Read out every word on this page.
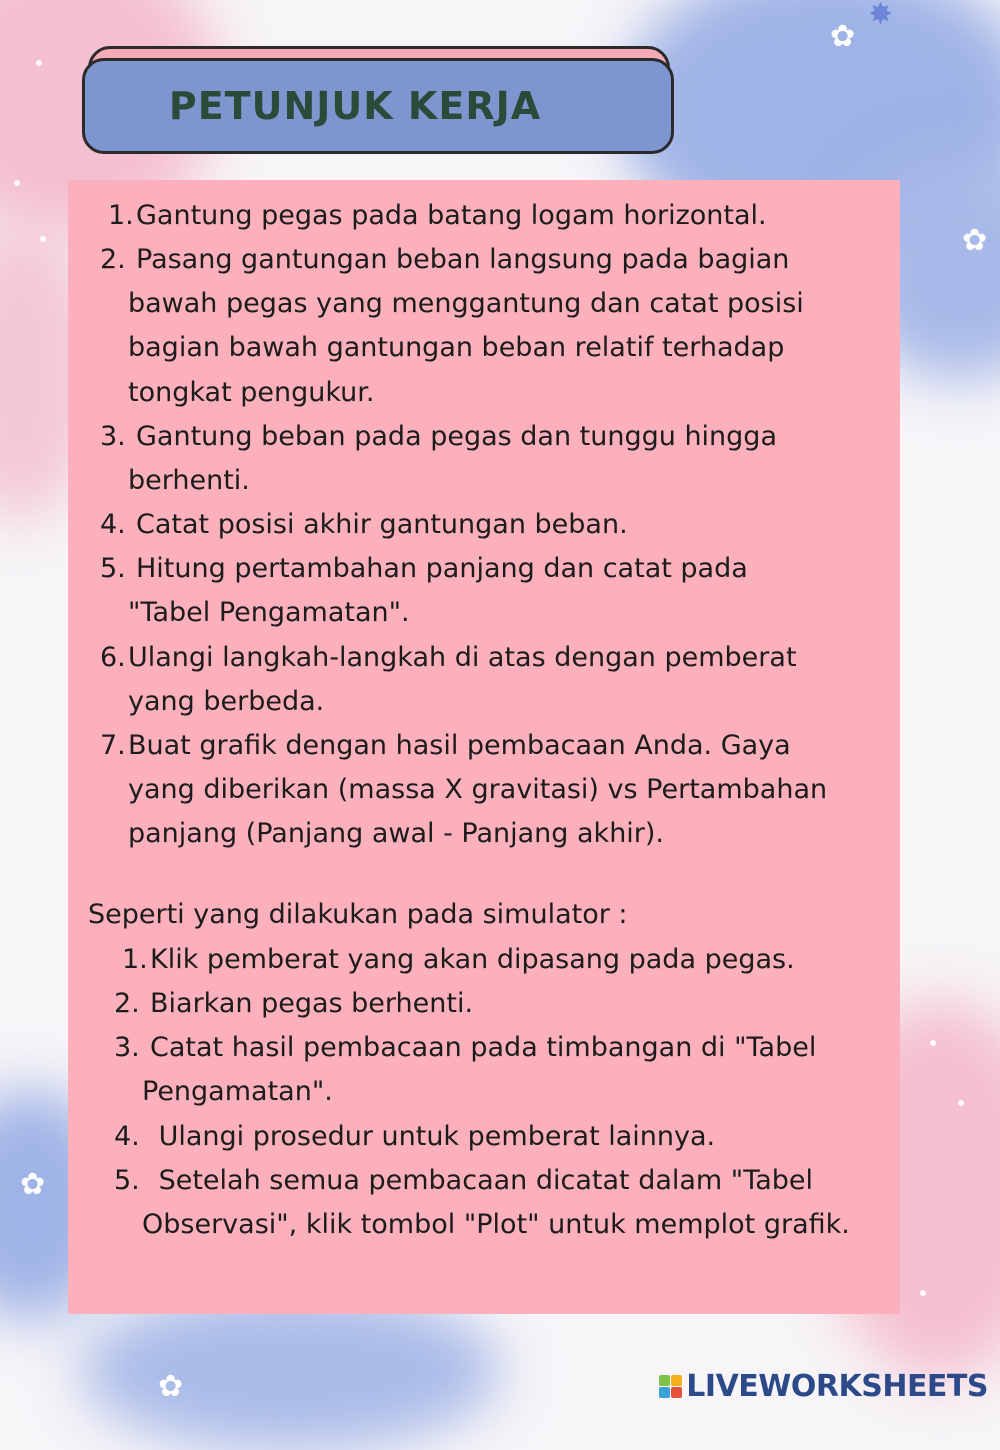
✿
✸
✿
✿
✿
PETUNJUK KERJA
1. Gantung pegas pada batang logam horizontal.
2. Pasang gantungan beban langsung pada bagian
bawah pegas yang menggantung dan catat posisi
bagian bawah gantungan beban relatif terhadap
tongkat pengukur.
3. Gantung beban pada pegas dan tunggu hingga
berhenti.
4. Catat posisi akhir gantungan beban.
5. Hitung pertambahan panjang dan catat pada
"Tabel Pengamatan".
6. Ulangi langkah-langkah di atas dengan pemberat
yang berbeda.
7. Buat grafik dengan hasil pembacaan Anda. Gaya
yang diberikan (massa X gravitasi) vs Pertambahan
panjang (Panjang awal - Panjang akhir).
Seperti yang dilakukan pada simulator :
1. Klik pemberat yang akan dipasang pada pegas.
2. Biarkan pegas berhenti.
3. Catat hasil pembacaan pada timbangan di "Tabel
Pengamatan".
4. Ulangi prosedur untuk pemberat lainnya.
5. Setelah semua pembacaan dicatat dalam "Tabel
Observasi", klik tombol "Plot" untuk memplot grafik.
LIVEWORKSHEETS
